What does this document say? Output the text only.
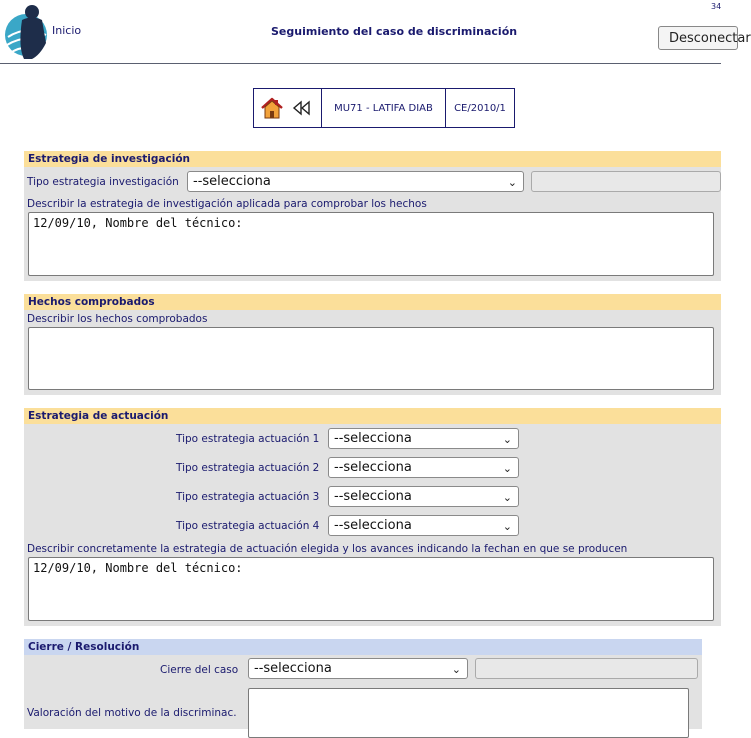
Inicio	Seguimiento del caso de discriminación
34
Desconectar
MU71 - LATIFA DIAB	CE/2010/1
Estrategia de investigación
Tipo estrategia investigación	--selecciona	⌄
Describir la estrategia de investigación aplicada para comprobar los hechos
12/09/10, Nombre del técnico:
Hechos comprobados
Describir los hechos comprobados
Estrategia de actuación
Tipo estrategia actuación 1	--selecciona	⌄
Tipo estrategia actuación 2	--selecciona	⌄
Tipo estrategia actuación 3	--selecciona	⌄
Tipo estrategia actuación 4	--selecciona	⌄
Describir concretamente la estrategia de actuación elegida y los avances indicando la fechan en que se producen
12/09/10, Nombre del técnico:
Cierre / Resolución
Cierre del caso	--selecciona	⌄
Valoración del motivo de la discriminac.
